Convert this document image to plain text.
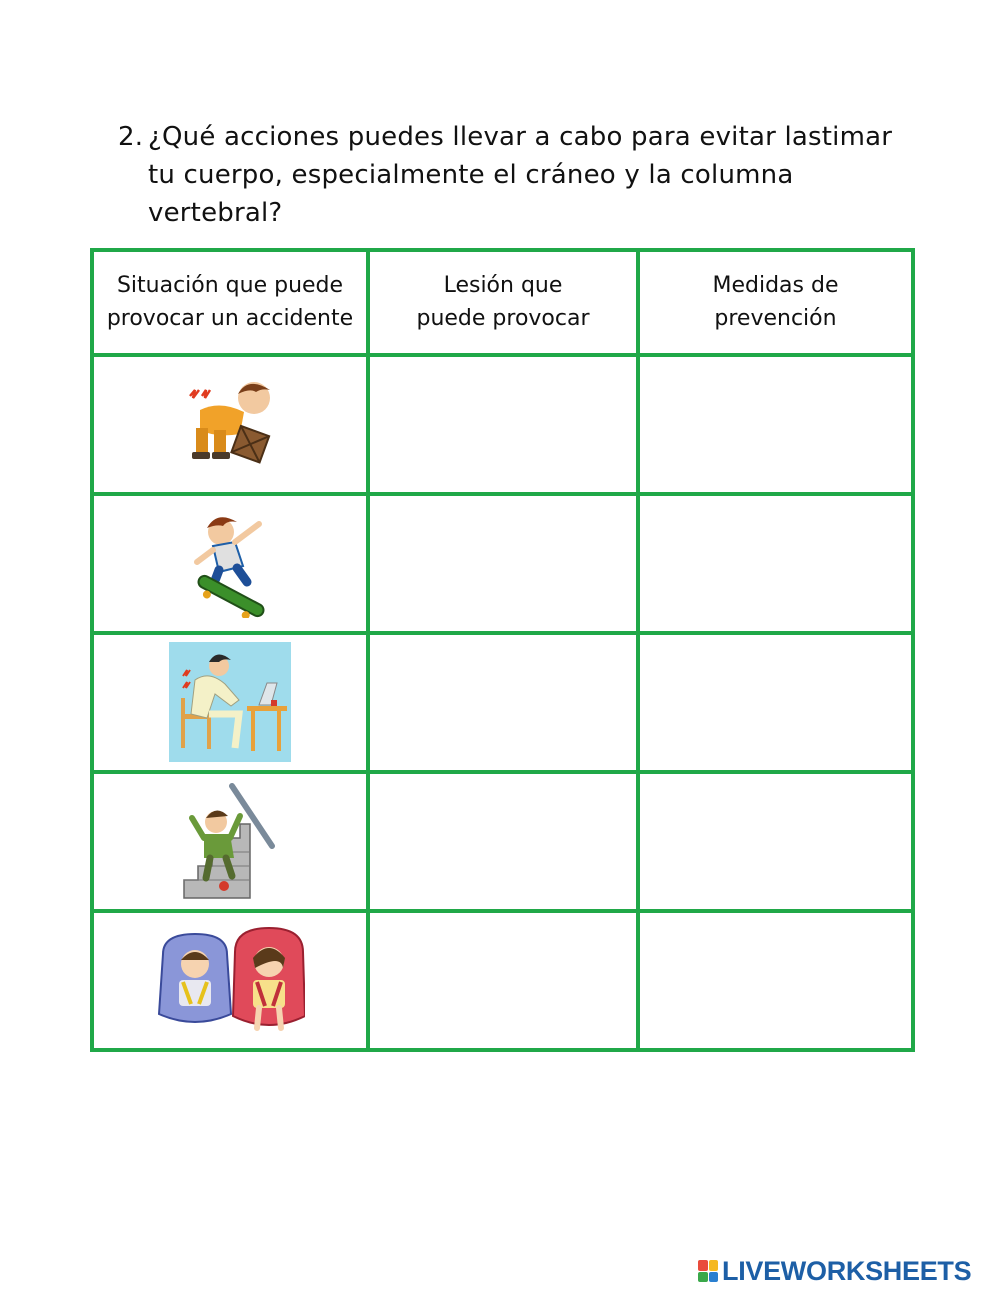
2. ¿Qué acciones puedes llevar a cabo para evitar lastimar tu cuerpo, especialmente el cráneo y la columna vertebral?
Situación que puede provocar un accidente	Lesión que puede provocar	Medidas de prevención

LIVEWORKSHEETS
